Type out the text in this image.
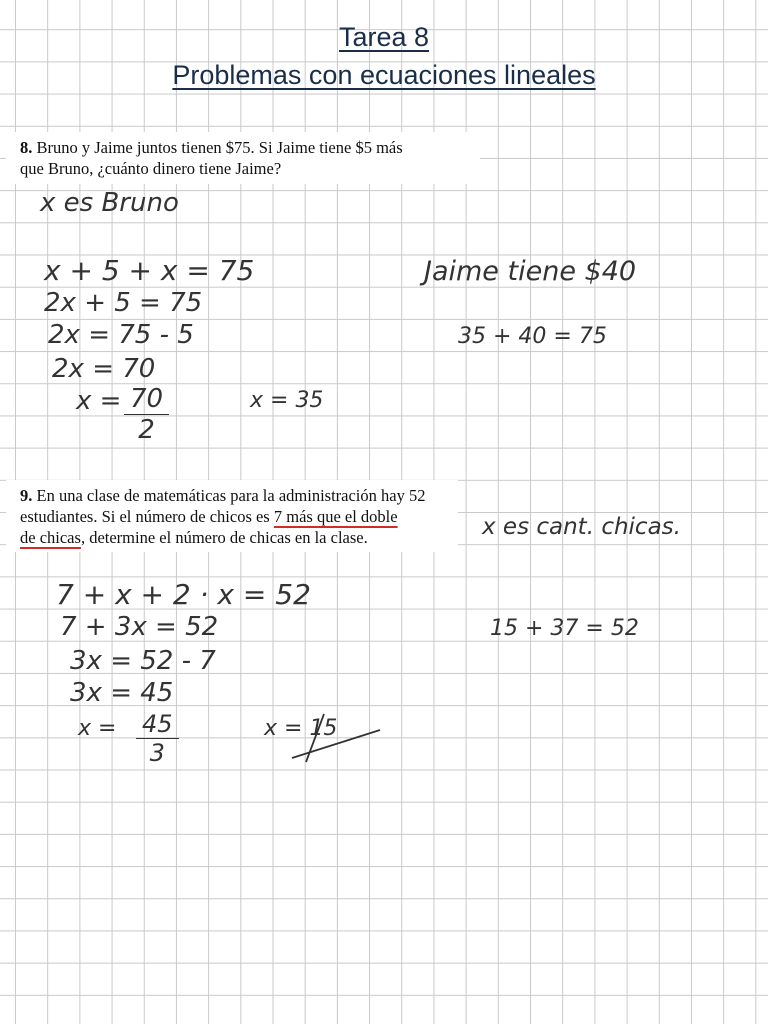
Tarea 8
Problemas con ecuaciones lineales
8. Bruno y Jaime juntos tienen $75. Si Jaime tiene $5 más
que Bruno, ¿cuánto dinero tiene Jaime?
x es Bruno
x + 5 + x = 75
2x + 5 = 75
2x = 75 - 5
2x = 70
$x = \frac{70}{2}$	x = 35
Jaime tiene $40
35 + 40 = 75
9. En una clase de matemáticas para la administración hay 52
estudiantes. Si el número de chicos es 7 más que el doble
de chicas, determine el número de chicas en la clase.	x es cant. chicas.
7 + x + 2 · x = 52
7 + 3x = 52
3x = 52 - 7
3x = 45
$x = \frac{45}{3}$	x = 15
15 + 37 = 52
